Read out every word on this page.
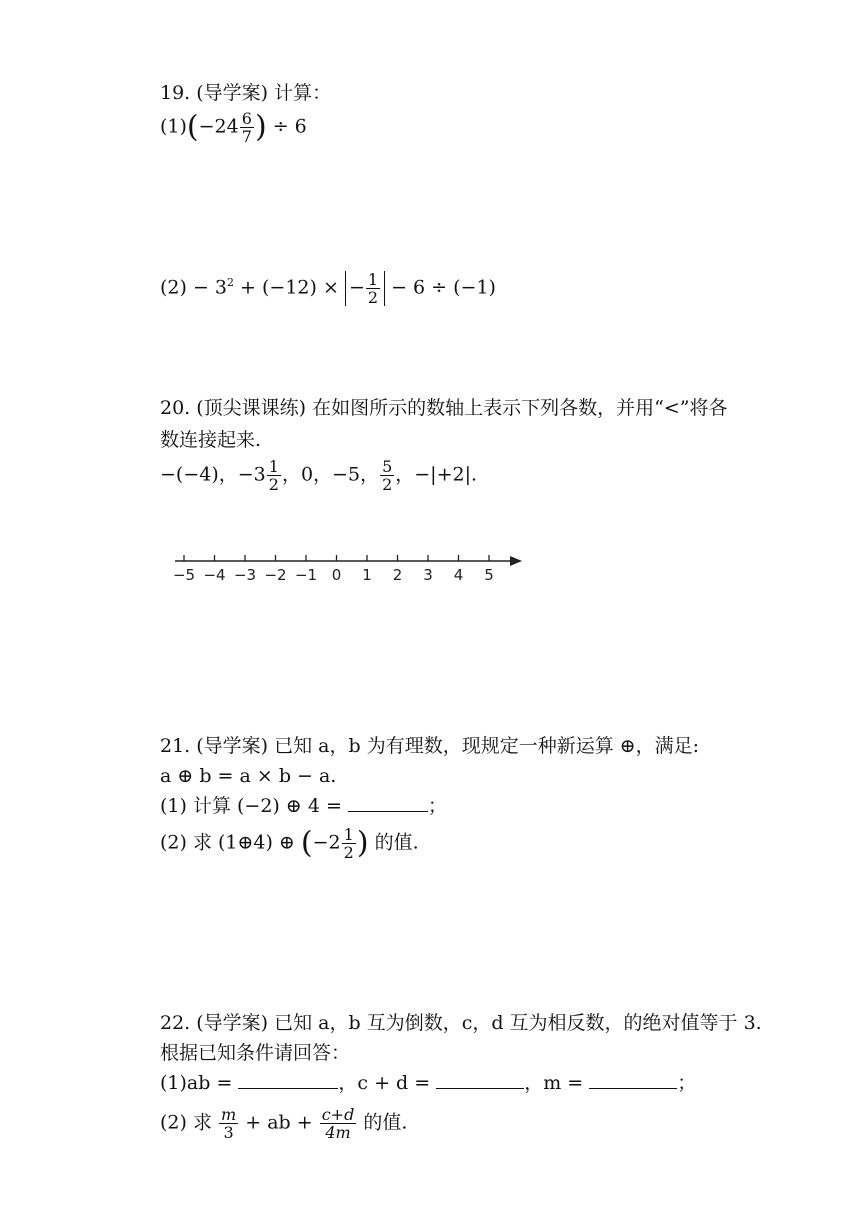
19. (导学案) 计算：
$(1)(-24 \frac{6}{7}$ ) ÷ 6
$(2) - 3^2 + (-12)$ × − $\frac{1}{2} - 6 \div (-1)$
20. (顶尖课课练) 在如图所示的数轴上表示下列各数，并用“<”将各
数连接起来.
−(−4)，$-3 \frac{1}{2}$ ，0，−5， $\frac{5}{2}$ ，−|+2|.
−5 −4 −3 −2 −1 0 1 2 3 4 5
21. (导学案) 已知 a，b 为有理数，现规定一种新运算 ⊕，满足:
a ⊕ b = a × b − a.
(1) 计算 (−2) ⊕ 4 =	；
(2) 求 (1⊕4) ⊕ ($-2 \frac{1}{2}$ ) 的值.
22. (导学案) 已知 a，b 互为倒数，c，d 互为相反数，的绝对值等于 3.
根据已知条件请回答：
(1)ab =	，c + d =	，m =	；
(2) 求 $\frac{m}{3}$ + ab + $\frac{c+d}{4m}$ 的值.
